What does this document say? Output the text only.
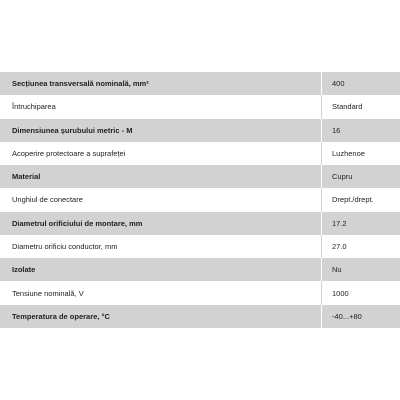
Secțiunea transversală nominală, mm²	400
Întruchiparea	Standard
Dimensiunea șurubului metric - M	16
Acoperire protectoare a suprafeței	Luzhenoe
Material	Cupru
Unghiul de conectare	Drept./drept.
Diametrul orificiului de montare, mm	17.2
Diametru orificiu conductor, mm	27.0
Izolate	Nu
Tensiune nominală, V	1000
Temperatura de operare, °C	-40...+80
